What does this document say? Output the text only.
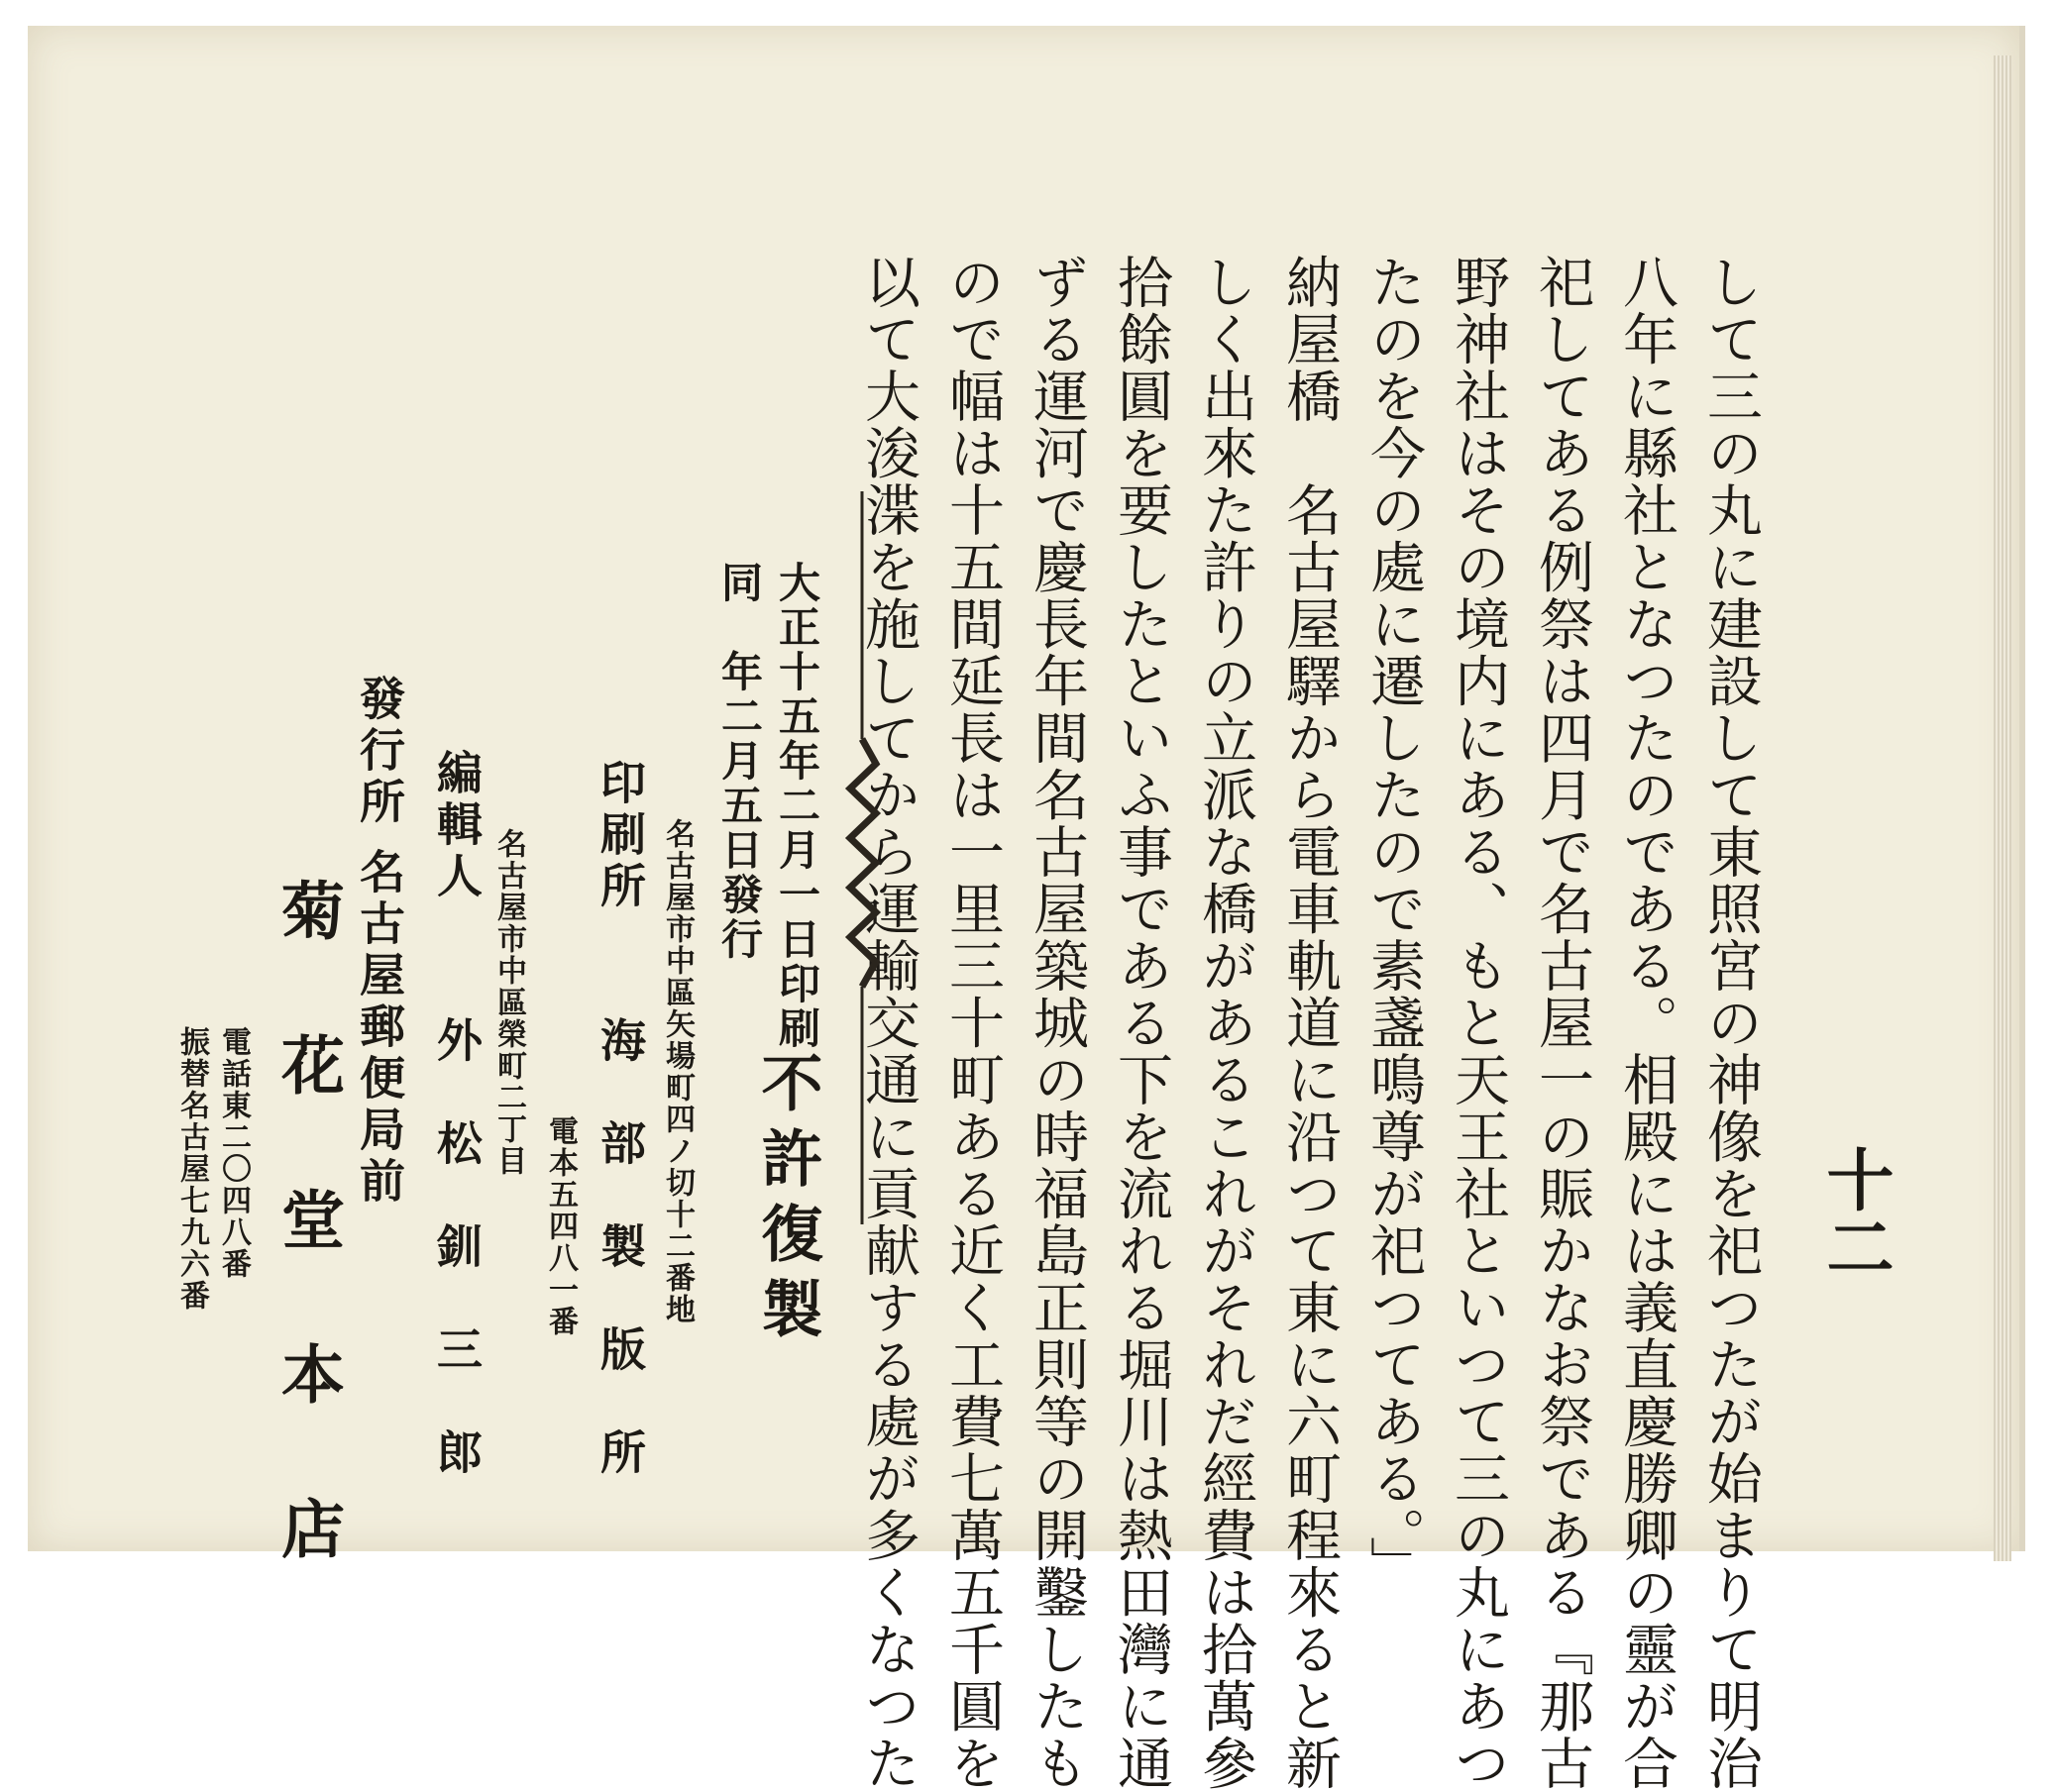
十二
して三の丸に建設して東照宮の神像を祀つたが始まりて明治
八年に縣社となつたのである。相殿には義直慶勝卿の靈が合
祀してある例祭は四月で名古屋一の賑かなお祭である『那古
野神社はその境内にある、もと天王社といつて三の丸にあつ
たのを今の處に遷したので素盞鳴尊が祀つてある。」
納屋橋　名古屋驛から電車軌道に沿つて東に六町程來ると新
しく出來た許りの立派な橋があるこれがそれだ經費は拾萬參
拾餘圓を要したといふ事である下を流れる堀川は熱田灣に通
ずる運河で慶長年間名古屋築城の時福島正則等の開鑿したも
ので幅は十五間延長は一里三十町ある近く工費七萬五千圓を
以て大浚渫を施してから運輸交通に貢献する處が多くなつた
不許復製
大正十五年二月一日印刷
同　年二月五日發行
名古屋市中區矢場町四ノ切十二番地
印刷所
海　部　製　版　所
電本五四八一番
名古屋市中區榮町二丁目
編輯人
外　松　釧　三　郎
發行所
名古屋郵便局前
菊　花　堂　本　店
電話東二〇四八番
振替名古屋七九六番
